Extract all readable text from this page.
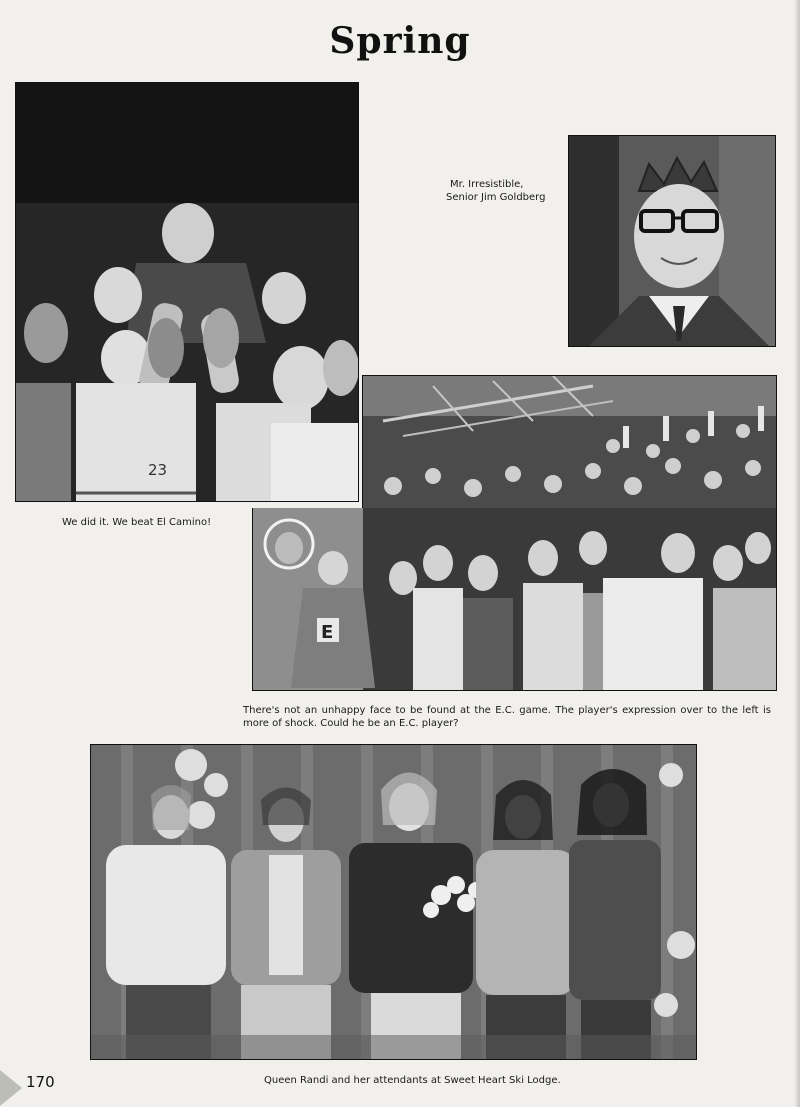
Spring
23
We did it. We beat El Camino!
Mr. Irresistible,
Senior Jim Goldberg
E
There's not an unhappy face to be found at the E.C. game. The player's expression over to the left is more of shock. Could he be an E.C. player?
Queen Randi and her attendants at Sweet Heart Ski Lodge.
170
